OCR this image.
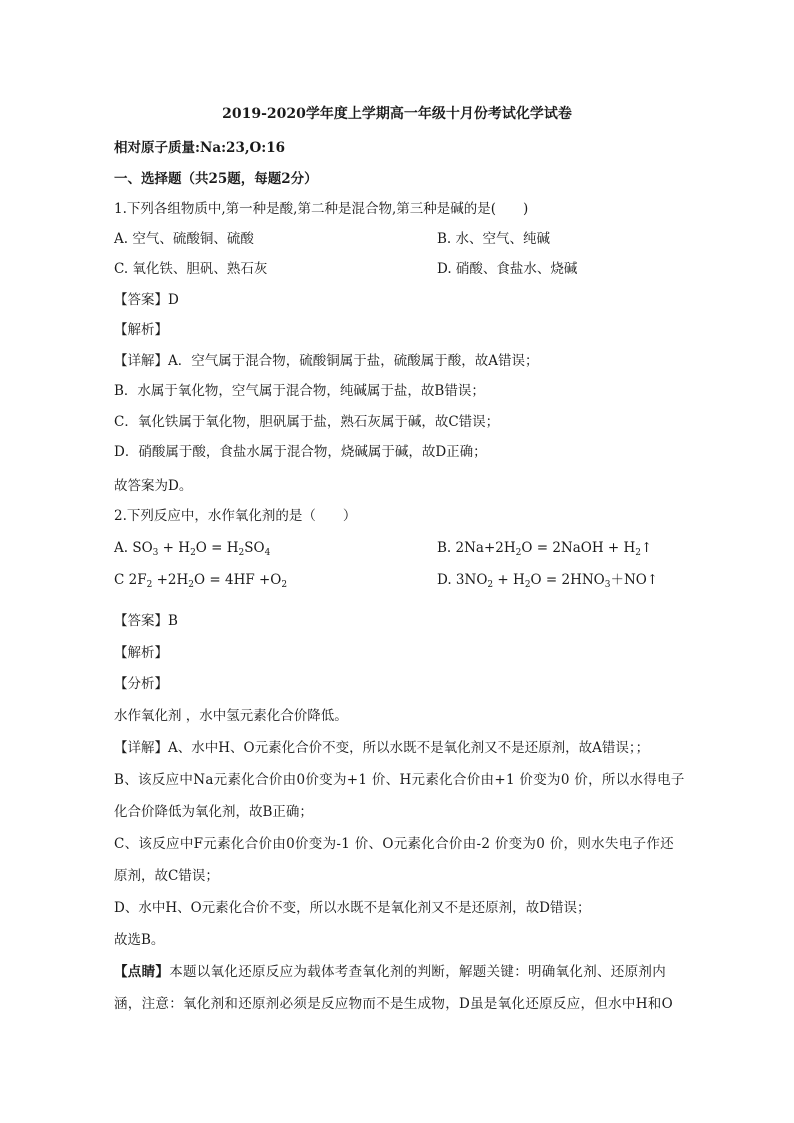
2019-2020学年度上学期高一年级十月份考试化学试卷
相对原子质量:Na:23,O:16
一、选择题（共25题，每题2分）
1.下列各组物质中,第一种是酸,第二种是混合物,第三种是碱的是(　　)
A. 空气、硫酸铜、硫酸	B. 水、空气、纯碱
C. 氧化铁、胆矾、熟石灰	D. 硝酸、食盐水、烧碱
【答案】D
【解析】
【详解】A．空气属于混合物，硫酸铜属于盐，硫酸属于酸，故A错误；
B．水属于氧化物，空气属于混合物，纯碱属于盐，故B错误；
C．氧化铁属于氧化物，胆矾属于盐，熟石灰属于碱，故C错误；
D．硝酸属于酸，食盐水属于混合物，烧碱属于碱，故D正确；
故答案为D。
2.下列反应中，水作氧化剂的是（　　）
A. $SO_3 + H_2O = H_2SO_4$	B. $2Na+2H_2O$ = 2NaOH + $H_2↑$
C $2F_2 +2H_2O = 4HF +O_2$	D. $3NO_2 + H_2O$ = $2HNO_3+NO↑$
【答案】B
【解析】
【分析】
水作氧化剂 ，水中氢元素化合价降低。
【详解】A、水中H、O元素化合价不变，所以水既不是氧化剂又不是还原剂，故A错误；；
B、该反应中Na元素化合价由0价变为+1 价、H元素化合价由+1 价变为0 价，所以水得电子
化合价降低为氧化剂，故B正确；
C、该反应中F元素化合价由0价变为-1 价、O元素化合价由-2 价变为0 价，则水失电子作还
原剂，故C错误；
D、水中H、O元素化合价不变，所以水既不是氧化剂又不是还原剂，故D错误；
故选B。
【点睛】本题以氧化还原反应为载体考查氧化剂的判断，解题关键：明确氧化剂、还原剂内
涵，注意：氧化剂和还原剂必须是反应物而不是生成物，D虽是氧化还原反应，但水中H和O
